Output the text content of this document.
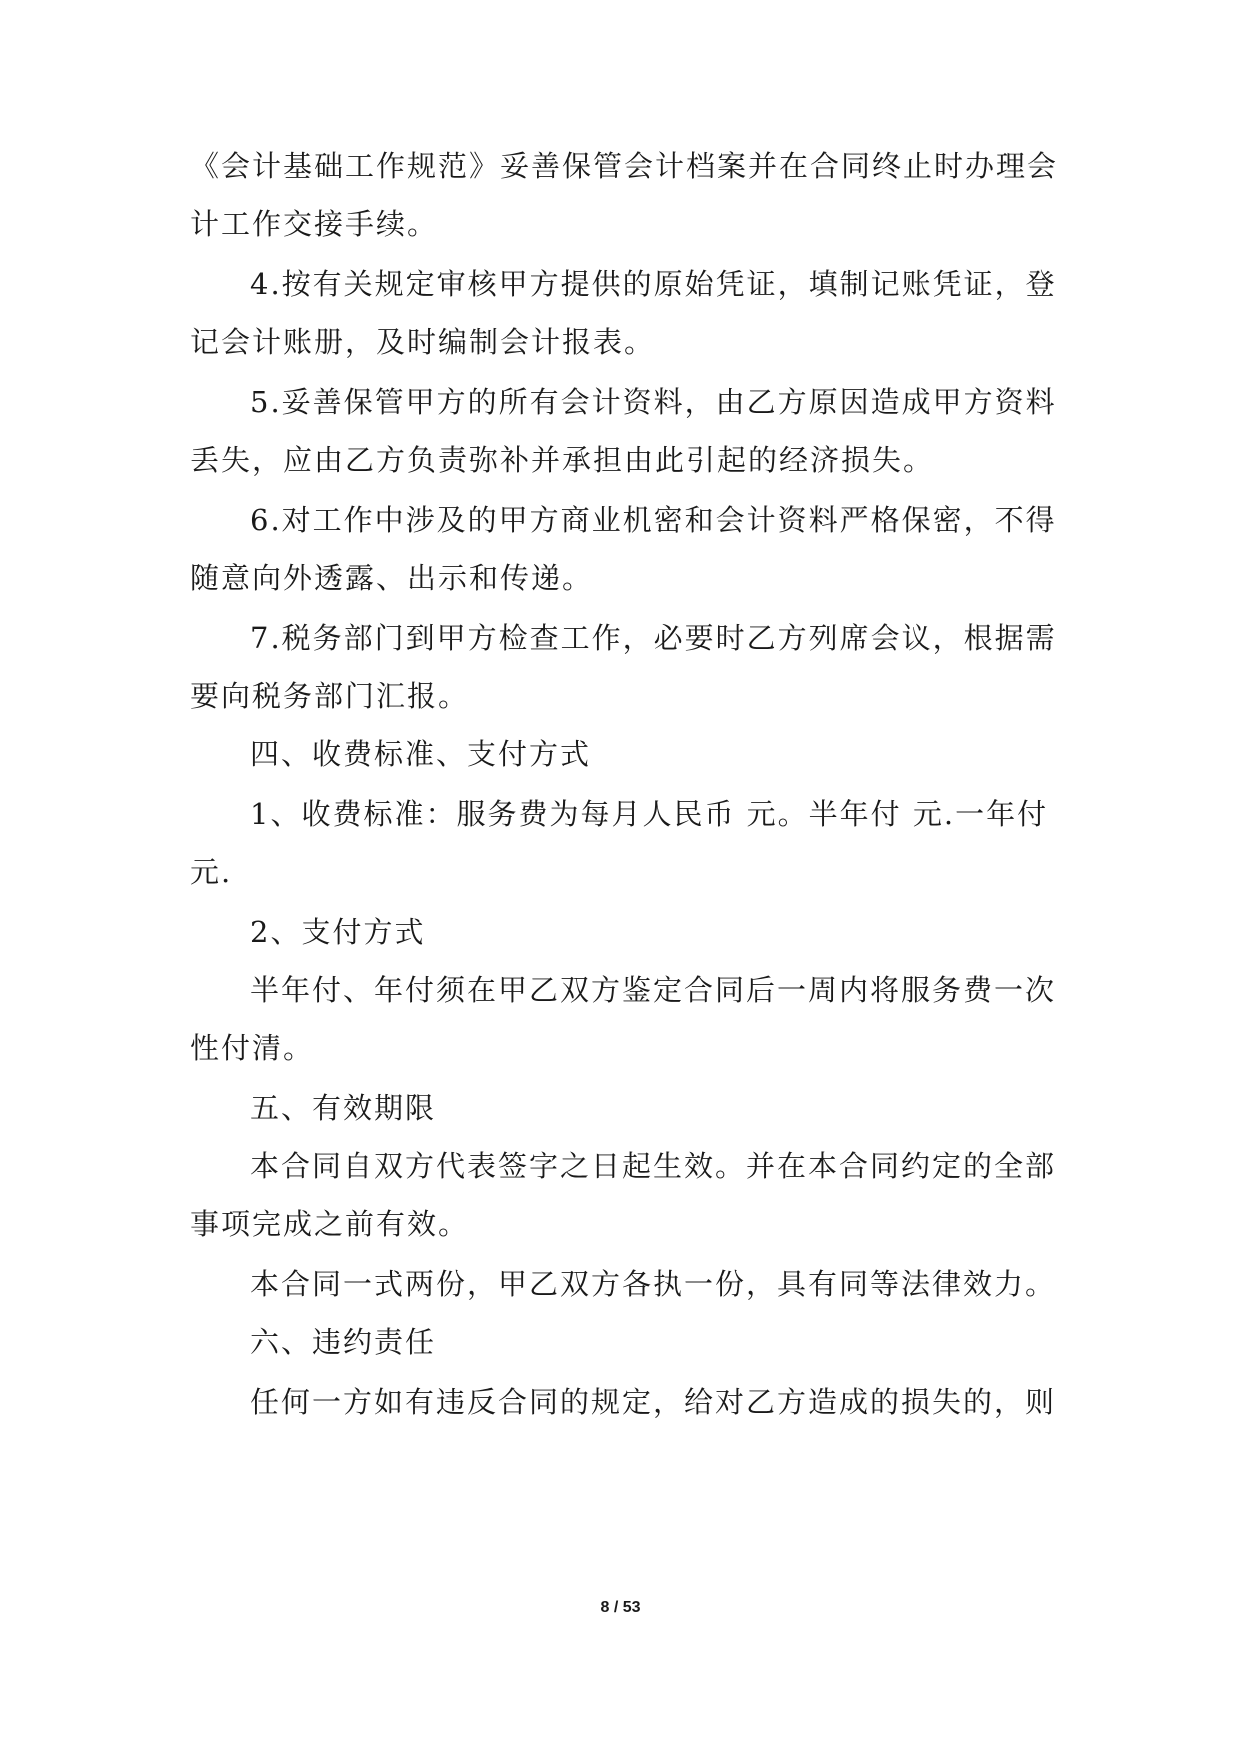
《会计基础工作规范》妥善保管会计档案并在合同终止时办理会
计工作交接手续。
4.按有关规定审核甲方提供的原始凭证，填制记账凭证，登
记会计账册，及时编制会计报表。
5.妥善保管甲方的所有会计资料，由乙方原因造成甲方资料
丢失，应由乙方负责弥补并承担由此引起的经济损失。
6.对工作中涉及的甲方商业机密和会计资料严格保密，不得
随意向外透露、出示和传递。
7.税务部门到甲方检查工作，必要时乙方列席会议，根据需
要向税务部门汇报。
四、收费标准、支付方式
1、收费标准：服务费为每月人民币 元。半年付 元.一年付
元.
2、支付方式
半年付、年付须在甲乙双方鉴定合同后一周内将服务费一次
性付清。
五、有效期限
本合同自双方代表签字之日起生效。并在本合同约定的全部
事项完成之前有效。
本合同一式两份，甲乙双方各执一份，具有同等法律效力。
六、违约责任
任何一方如有违反合同的规定，给对乙方造成的损失的，则
8 / 53
